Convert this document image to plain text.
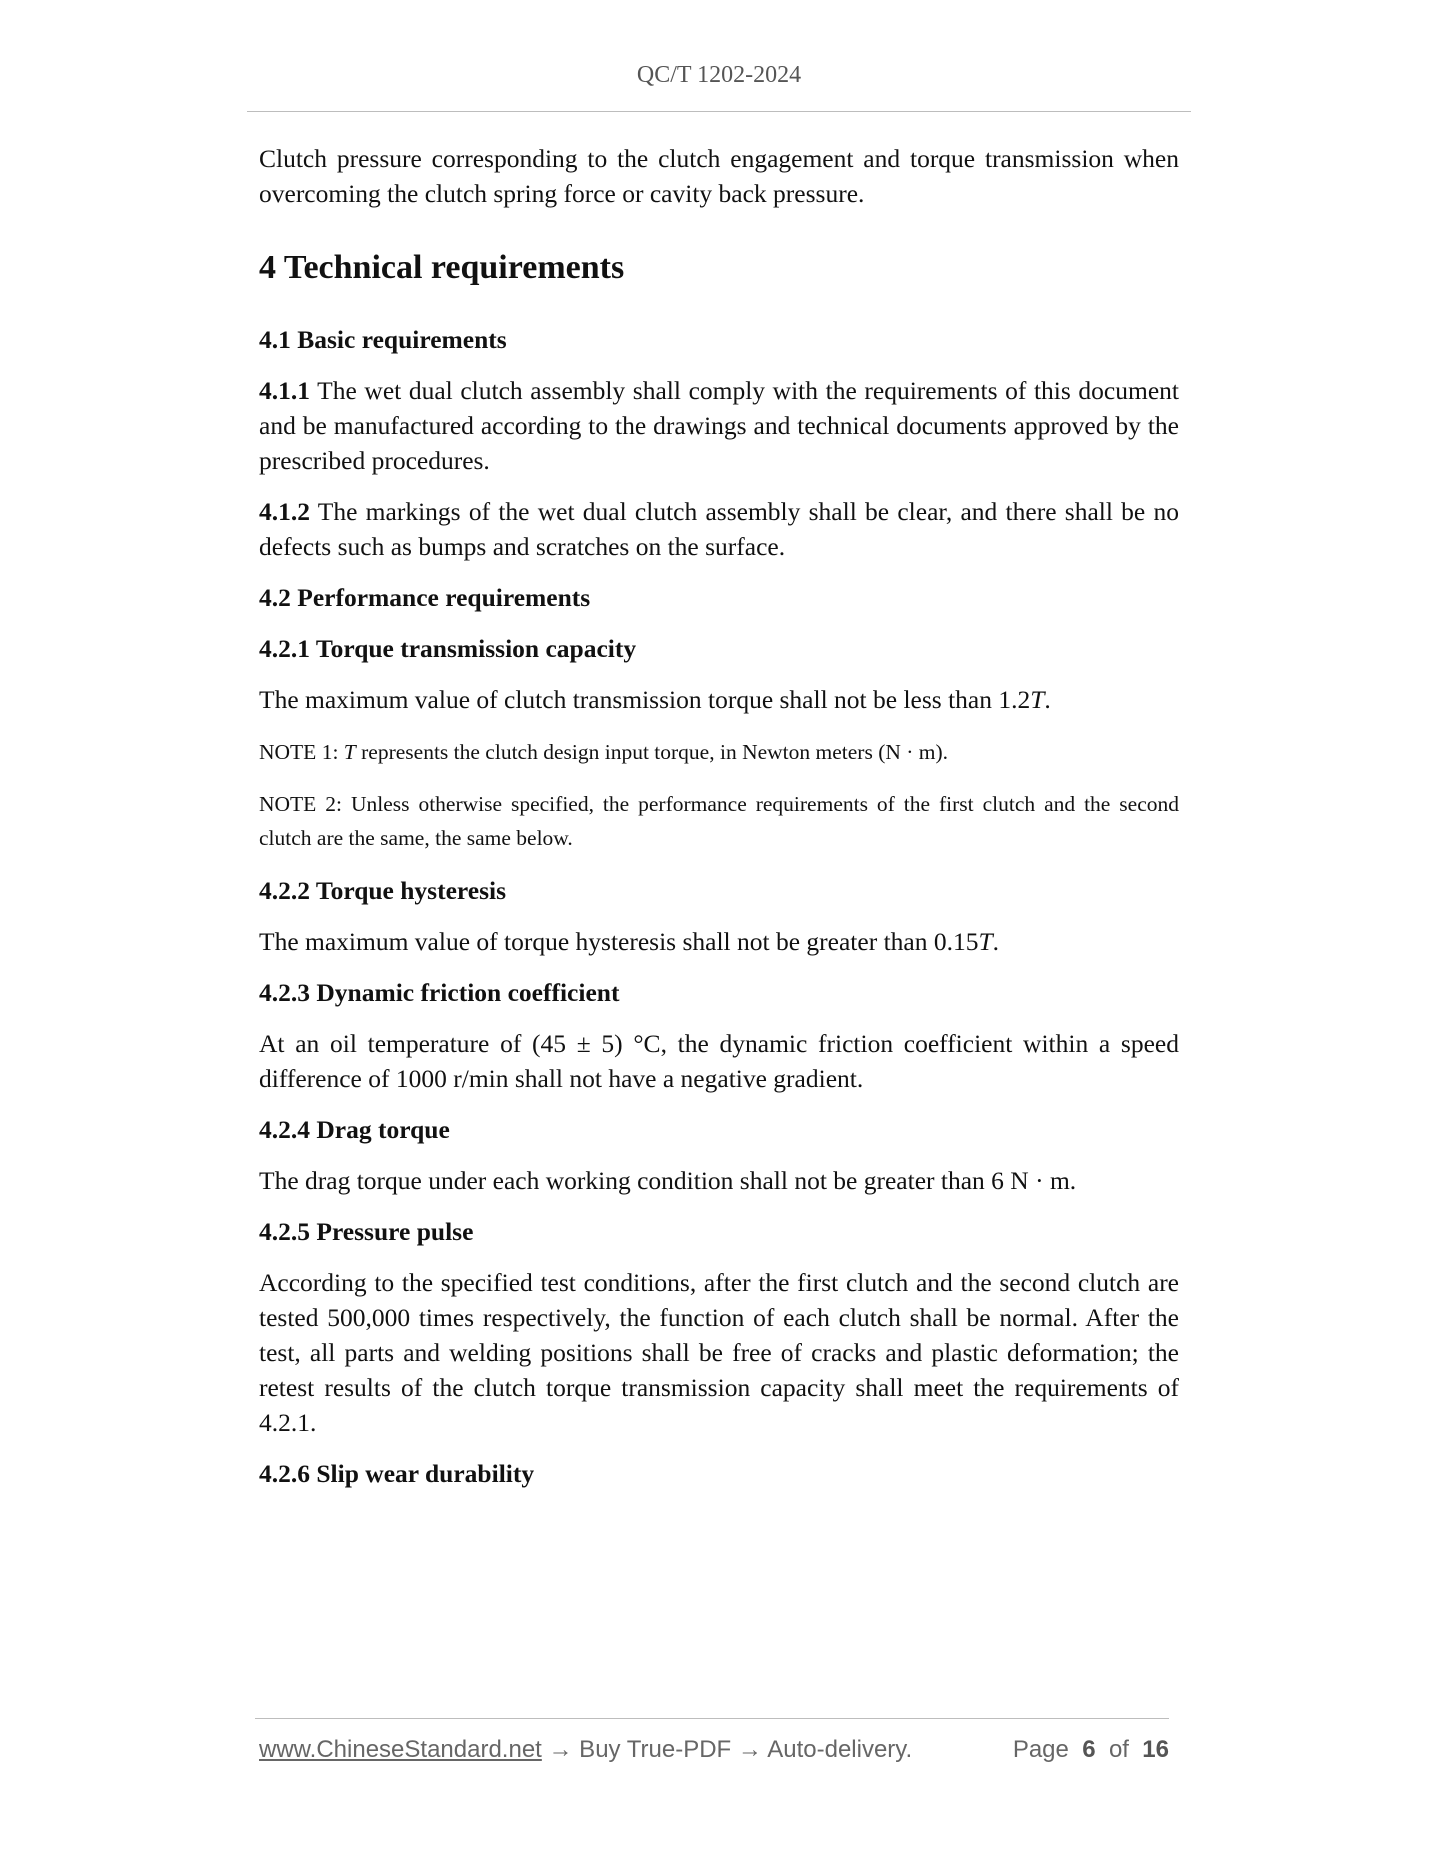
QC/T 1202-2024

Clutch pressure corresponding to the clutch engagement and torque transmission when overcoming the clutch spring force or cavity back pressure.

4 Technical requirements
4.1 Basic requirements

4.1.1 The wet dual clutch assembly shall comply with the requirements of this document and be manufactured according to the drawings and technical documents approved by the prescribed procedures.

4.1.2 The markings of the wet dual clutch assembly shall be clear, and there shall be no defects such as bumps and scratches on the surface.

4.2 Performance requirements
4.2.1 Torque transmission capacity

The maximum value of clutch transmission torque shall not be less than 1.2T.

NOTE 1: T represents the clutch design input torque, in Newton meters (N · m).

NOTE 2: Unless otherwise specified, the performance requirements of the first clutch and the second clutch are the same, the same below.

4.2.2 Torque hysteresis

The maximum value of torque hysteresis shall not be greater than 0.15T.

4.2.3 Dynamic friction coefficient

At an oil temperature of (45 ± 5) °C, the dynamic friction coefficient within a speed difference of 1000 r/min shall not have a negative gradient.

4.2.4 Drag torque

The drag torque under each working condition shall not be greater than 6 N · m.

4.2.5 Pressure pulse

According to the specified test conditions, after the first clutch and the second clutch are tested 500,000 times respectively, the function of each clutch shall be normal. After the test, all parts and welding positions shall be free of cracks and plastic deformation; the retest results of the clutch torque transmission capacity shall meet the requirements of 4.2.1.

4.2.6 Slip wear durability
www.ChineseStandard.net → Buy True-PDF → Auto-delivery.	Page 6 of 16
